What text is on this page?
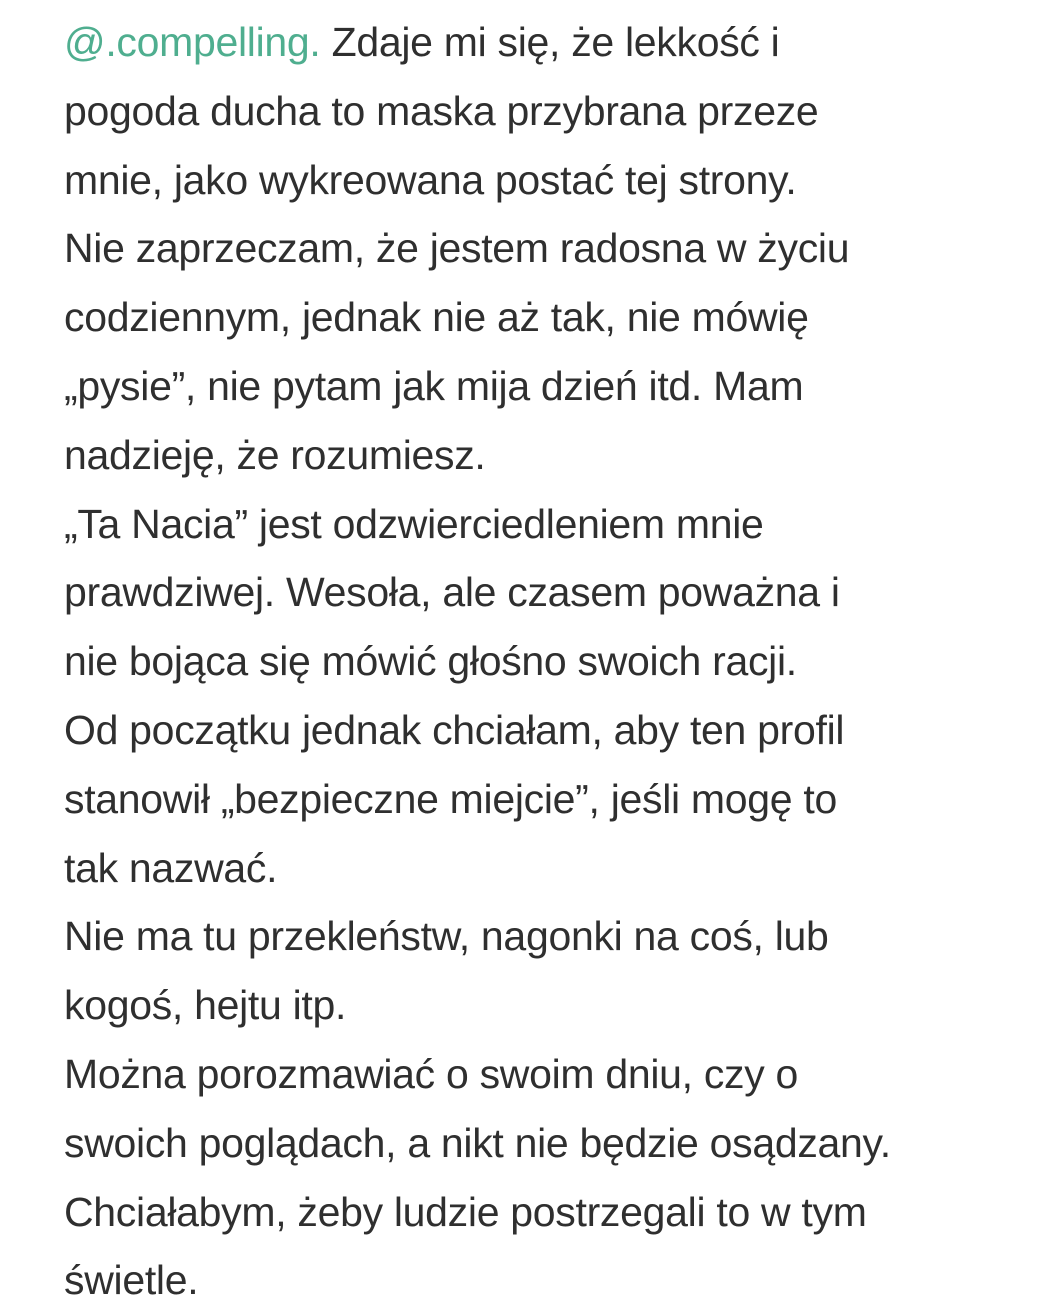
@.compelling. Zdaje mi się, że lekkość i
pogoda ducha to maska przybrana przeze
mnie, jako wykreowana postać tej strony.
Nie zaprzeczam, że jestem radosna w życiu
codziennym, jednak nie aż tak, nie mówię
„pysie”, nie pytam jak mija dzień itd. Mam
nadzieję, że rozumiesz.
„Ta Nacia” jest odzwierciedleniem mnie
prawdziwej. Wesoła, ale czasem poważna i
nie bojąca się mówić głośno swoich racji.
Od początku jednak chciałam, aby ten profil
stanowił „bezpieczne miejcie”, jeśli mogę to
tak nazwać.
Nie ma tu przekleństw, nagonki na coś, lub
kogoś, hejtu itp.
Można porozmawiać o swoim dniu, czy o
swoich poglądach, a nikt nie będzie osądzany.
Chciałabym, żeby ludzie postrzegali to w tym
świetle.
